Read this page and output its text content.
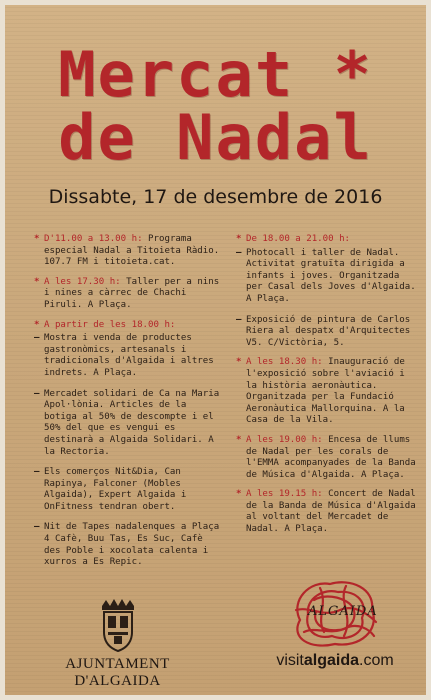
Mercat *
de Nadal
Dissabte, 17 de desembre de 2016
* D'11.00 a 13.00 h: Programa especial Nadal a Titoieta Ràdio. 107.7 FM i titoieta.cat.
* A les 17.30 h: Taller per a nins i nines a càrrec de Chachi Piruli. A Plaça.
* A partir de les 18.00 h:
– Mostra i venda de productes gastronòmics, artesanals i tradicionals d'Algaida i altres indrets. A Plaça.
– Mercadet solidari de Ca na Maria Apol·lònia. Articles de la botiga al 50% de descompte i el 50% del que es vengui es destinarà a Algaida Solidari. A la Rectoria.
– Els comerços Nit&Dia, Can Rapinya, Falconer (Mobles Algaida), Expert Algaida i OnFitness tendran obert.
– Nit de Tapes nadalenques a Plaça 4 Cafè, Buu Tas, Es Suc, Cafè des Poble i xocolata calenta i xurros a Es Repic.
* De 18.00 a 21.00 h:
– Photocall i taller de Nadal. Activitat gratuïta dirigida a infants i joves. Organitzada per Casal dels Joves d'Algaida. A Plaça.
– Exposició de pintura de Carlos Riera al despatx d'Arquitectes V5. C/Victòria, 5.
* A les 18.30 h: Inauguració de l'exposició sobre l'aviació i la història aeronàutica. Organitzada per la Fundació Aeronàutica Mallorquina. A la Casa de la Vila.
* A les 19.00 h: Encesa de llums de Nadal per les corals de l'EMMA acompanyades de la Banda de Música d'Algaida. A Plaça.
* A les 19.15 h: Concert de Nadal de la Banda de Música d'Algaida al voltant del Mercadet de Nadal. A Plaça.
AJUNTAMENT D'ALGAIDA
visitalgaida.com
ALGAIDA
